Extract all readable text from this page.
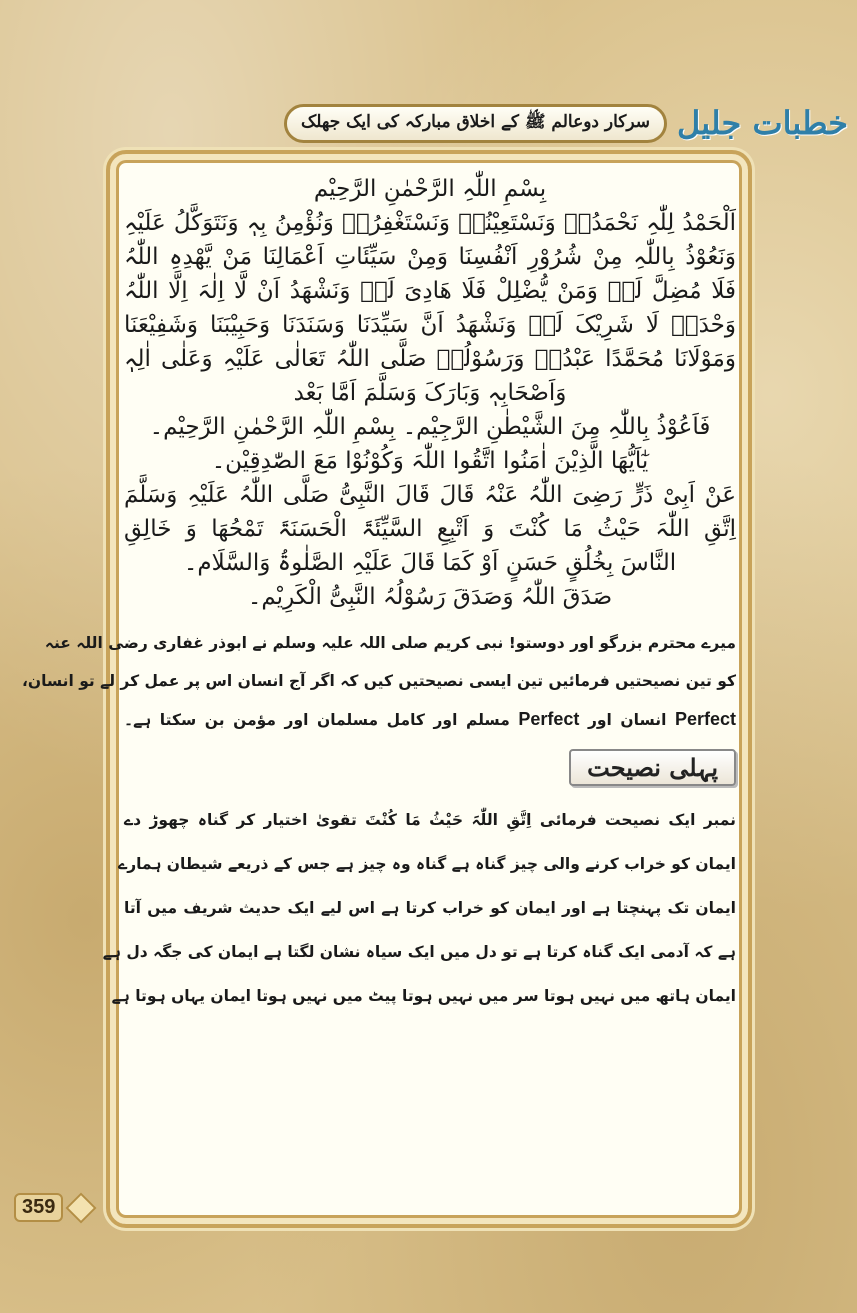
خطبات جلیل
سرکار دوعالم ﷺ کے اخلاق مبارکہ کی ایک جھلک
بِسْمِ اللّٰہِ الرَّحْمٰنِ الرَّحِیْم
اَلْحَمْدُ لِلّٰہِ نَحْمَدُہٗ وَنَسْتَعِیْنُہٗ وَنَسْتَغْفِرُہٗ وَنُؤْمِنُ بِہٖ وَنَتَوَکَّلُ عَلَیْہِ
وَنَعُوْذُ بِاللّٰہِ مِنْ شُرُوْرِ اَنْفُسِنَا وَمِنْ سَیِّئَاتِ اَعْمَالِنَا مَنْ یَّھْدِہِ اللّٰہُ
فَلَا مُضِلَّ لَہٗ وَمَنْ یُّضْلِلْ فَلَا ھَادِیَ لَہٗ وَنَشْھَدُ اَنْ لَّا اِلٰہَ اِلَّا اللّٰہُ
وَحْدَہٗ لَا شَرِیْکَ لَہٗ وَنَشْھَدُ اَنَّ سَیِّدَنَا وَسَنَدَنَا وَحَبِیْبَنَا وَشَفِیْعَنَا
وَمَوْلَانَا مُحَمَّدًا عَبْدُہٗ وَرَسُوْلُہٗ صَلَّی اللّٰہُ تَعَالٰی عَلَیْہِ وَعَلٰی اٰلِہٖ
وَاَصْحَابِہٖ وَبَارَکَ وَسَلَّمَ اَمَّا بَعْد
فَاَعُوْذُ بِاللّٰہِ مِنَ الشَّیْطٰنِ الرَّجِیْم۔ بِسْمِ اللّٰہِ الرَّحْمٰنِ الرَّحِیْم۔
یٰٓاَیُّھَا الَّذِیْنَ اٰمَنُوا اتَّقُوا اللّٰہَ وَکُوْنُوْا مَعَ الصّٰدِقِیْن۔
عَنْ اَبِیْ ذَرٍّ رَضِیَ اللّٰہُ عَنْہُ قَالَ قَالَ النَّبِیُّ صَلَّی اللّٰہُ عَلَیْہِ وَسَلَّمَ
اِتَّقِ اللّٰہَ حَیْثُ مَا کُنْتَ وَ اَتْبِعِ السَّیِّئَۃَ الْحَسَنَۃَ تَمْحُھَا وَ خَالِقِ
النَّاسَ بِخُلُقٍ حَسَنٍ اَوْ کَمَا قَالَ عَلَیْہِ الصَّلٰوۃُ وَالسَّلَام۔
صَدَقَ اللّٰہُ وَصَدَقَ رَسُوْلُہُ النَّبِیُّ الْکَرِیْم۔
میرے محترم بزرگو اور دوستو! نبی کریم صلی اللہ علیہ وسلم نے ابوذر غفاری رضی اللہ عنہ
کو تین نصیحتیں فرمائیں تین ایسی نصیحتیں کیں کہ اگر آج انسان اس پر عمل کر لے تو انسان،
Perfect انسان اور Perfect مسلم اور کامل مسلمان اور مؤمن بن سکتا ہے۔
پہلی نصیحت
نمبر ایک نصیحت فرمائی اِتَّقِ اللّٰہَ حَیْثُ مَا کُنْتَ تقویٰ اختیار کر گناہ چھوڑ دے
ایمان کو خراب کرنے والی چیز گناہ ہے گناہ وہ چیز ہے جس کے ذریعے شیطان ہمارے
ایمان تک پہنچتا ہے اور ایمان کو خراب کرتا ہے اس لیے ایک حدیث شریف میں آتا
ہے کہ آدمی ایک گناہ کرتا ہے تو دل میں ایک سیاہ نشان لگتا ہے ایمان کی جگہ دل ہے
ایمان ہاتھ میں نہیں ہوتا سر میں نہیں ہوتا پیٹ میں نہیں ہوتا ایمان یہاں ہوتا ہے
359
